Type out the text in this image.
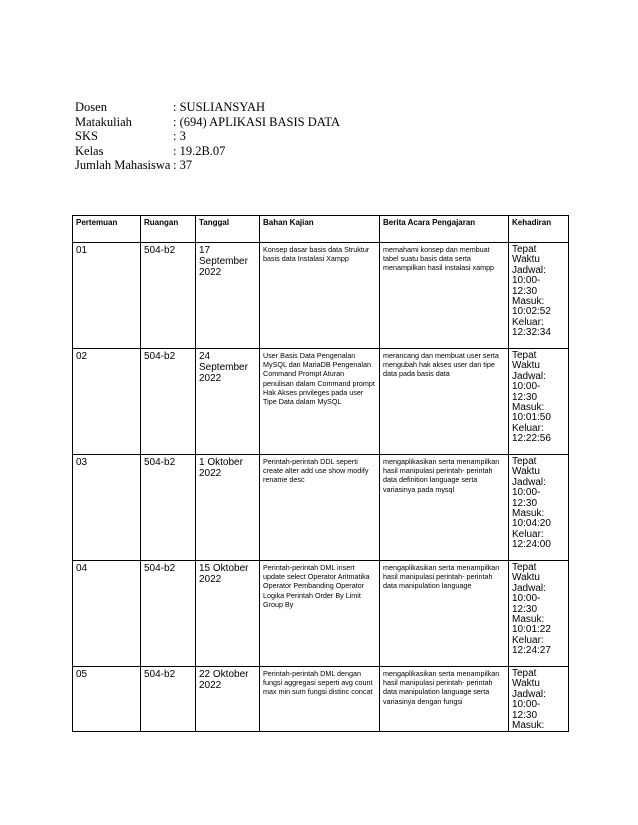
Dosen	: SUSLIANSYAH
Matakuliah	: (694) APLIKASI BASIS DATA
SKS	: 3
Kelas	: 19.2B.07
Jumlah Mahasiswa : 37
Pertemuan	Ruangan	Tanggal	Bahan Kajian	Berita Acara Pengajaran	Kehadiran
01	504-b2	17 September 2022	Konsep dasar basis data Struktur basis data Instalasi Xampp	memahami konsep dan membuat tabel suatu basis data serta menampilkan hasil instalasi xampp	Tepat Waktu
Jadwal: 10:00-12:30
Masuk: 10:02:52
Keluar: 12:32:34

02	504-b2	24 September 2022	User Basis Data Pengenalan MySQL dan MariaDB Pengenalan Command Prompt Aturan penulisan dalam Command prompt Hak Akses privileges pada user Tipe Data dalam MySQL	merancang dan membuat user serta mengubah hak akses user dan tipe data pada basis data	Tepat Waktu
Jadwal: 10:00-12:30
Masuk: 10:01:50
Keluar: 12:22:56

03	504-b2	1 Oktober 2022	Perintah-perintah DDL seperti create alter add use show modify rename desc	mengaplikasikan serta menampilkan hasil manipulasi perintah- perintah data definition language serta variasinya pada mysql	Tepat Waktu
Jadwal: 10:00-12:30
Masuk: 10:04:20
Keluar: 12:24:00

04	504-b2	15 Oktober 2022	Perintah-perintah DML insert update select Operator Aritmatika Operator Pembanding Operator Logika Perintah Order By Limit Group By	mengaplikasikan serta menampilkan hasil manipulasi perintah- perintah data manipulation language	Tepat Waktu
Jadwal: 10:00-12:30
Masuk: 10:01:22
Keluar: 12:24:27

05	504-b2	22 Oktober 2022	Perintah-perintah DML dengan fungsi aggregasi seperti avg count max min sum fungsi distinc concat	mengaplikasikan serta menampilkan hasil manipulasi perintah- perintah data manipulation language serta variasinya dengan fungsi	Tepat Waktu
Jadwal: 10:00-12:30
Masuk:
